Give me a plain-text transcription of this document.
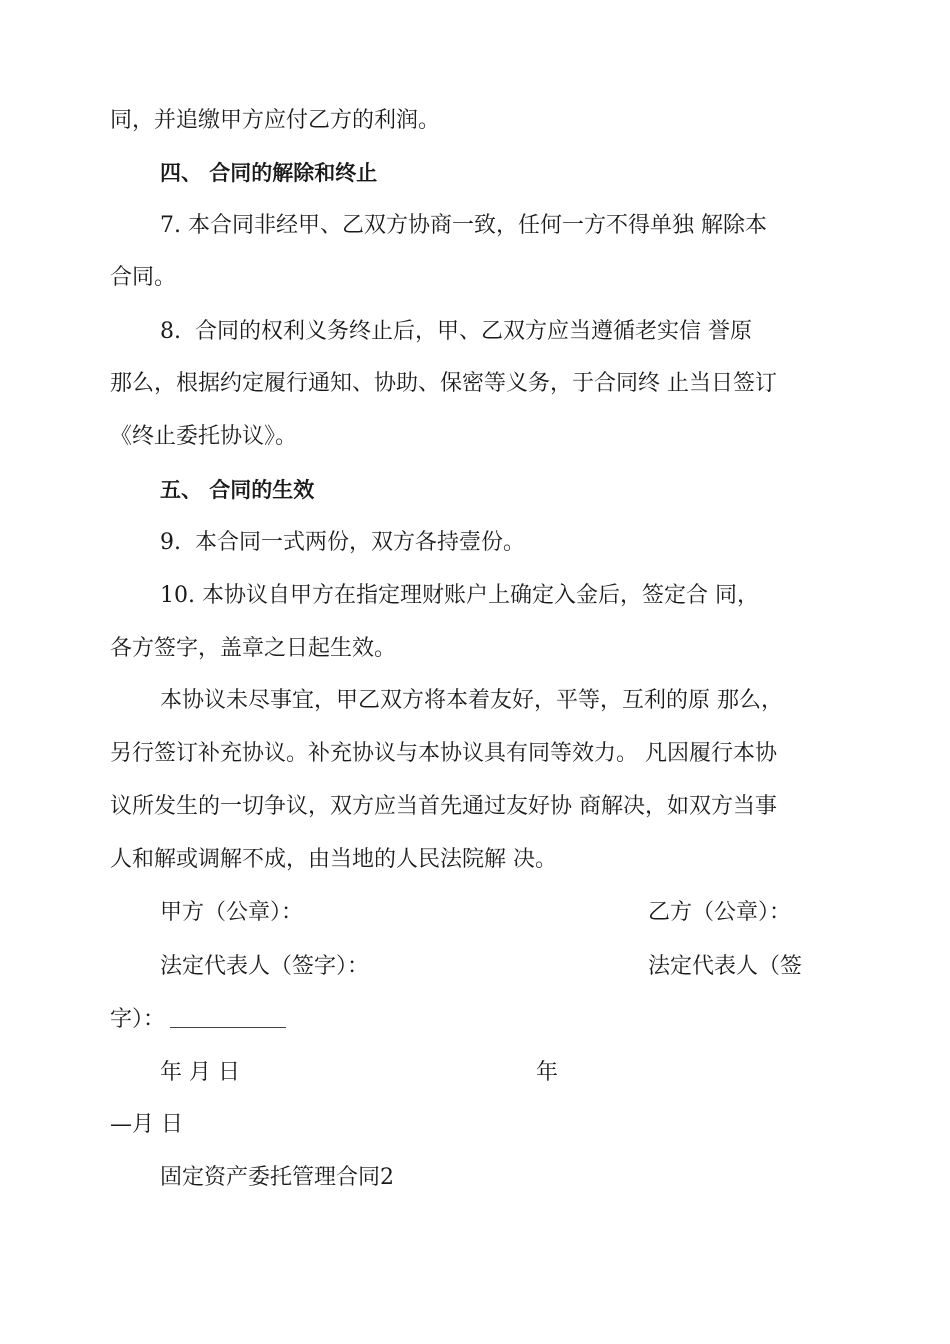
同，并追缴甲方应付乙方的利润。

四、 合同的解除和终止

7. 本合同非经甲、乙双方协商一致，任何一方不得单独 解除本

合同。

8.  合同的权利义务终止后，甲、乙双方应当遵循老实信 誉原

那么，根据约定履行通知、协助、保密等义务，于合同终 止当日签订

《终止委托协议》。

五、 合同的生效

9.  本合同一式两份，双方各持壹份。

10. 本协议自甲方在指定理财账户上确定入金后，签定合 同，

各方签字，盖章之日起生效。

本协议未尽事宜，甲乙双方将本着友好，平等，互利的原 那么，

另行签订补充协议。补充协议与本协议具有同等效力。 凡因履行本协

议所发生的一切争议，双方应当首先通过友好协 商解决，如双方当事

人和解或调解不成，由当地的人民法院解 决。

甲方（公章）：	乙方（公章）：

法定代表人（签字）：	法定代表人（签

字）：

年 月 日	年

—月 日

固定资产委托管理合同2
